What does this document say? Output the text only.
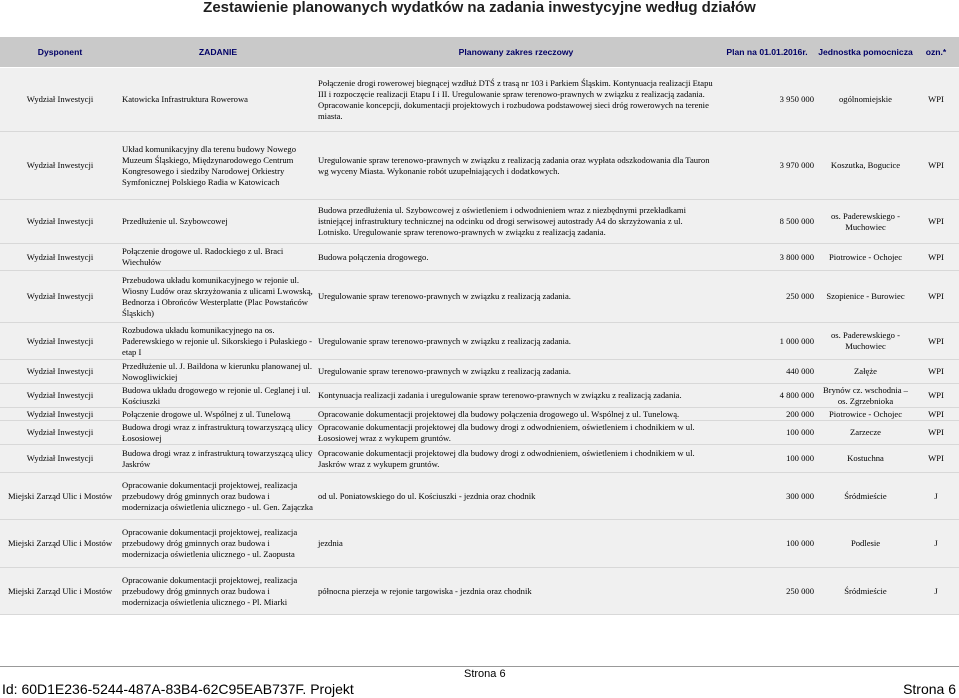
Zestawienie planowanych wydatków na zadania inwestycyjne według działów
Dysponent	ZADANIE	Planowany zakres rzeczowy	Plan na 01.01.2016r.	Jednostka pomocnicza	ozn.*
Wydział Inwestycji	Katowicka Infrastruktura Rowerowa	Połączenie drogi rowerowej biegnącej wzdłuż DTŚ z trasą nr 103 i Parkiem Śląskim. Kontynuacja realizacji Etapu III i rozpoczęcie realizacji Etapu I i II. Uregulowanie spraw terenowo-prawnych w związku z realizacją zadania. Opracowanie koncepcji, dokumentacji projektowych i rozbudowa podstawowej sieci dróg rowerowych na terenie miasta.	3 950 000	ogólnomiejskie	WPI
Wydział Inwestycji	Układ komunikacyjny dla terenu budowy Nowego Muzeum Śląskiego, Międzynarodowego Centrum Kongresowego i siedziby Narodowej Orkiestry Symfonicznej Polskiego Radia w Katowicach	Uregulowanie spraw terenowo-prawnych w związku z realizacją zadania oraz wypłata odszkodowania dla Tauron wg wyceny Miasta. Wykonanie robót uzupełniających i dodatkowych.	3 970 000	Koszutka, Bogucice	WPI
Wydział Inwestycji	Przedłużenie ul. Szybowcowej	Budowa przedłużenia ul. Szybowcowej z oświetleniem i odwodnieniem wraz z niezbędnymi przekładkami istniejącej infrastruktury technicznej na odcinku od drogi serwisowej autostrady A4 do skrzyżowania z ul. Lotnisko. Uregulowanie spraw terenowo-prawnych w związku z realizacją zadania.	8 500 000	os. Paderewskiego - Muchowiec	WPI
Wydział Inwestycji	Połączenie drogowe ul. Radockiego z ul. Braci Wiechułów	Budowa połączenia drogowego.	3 800 000	Piotrowice - Ochojec	WPI
Wydział Inwestycji	Przebudowa układu komunikacyjnego w rejonie ul. Wiosny Ludów oraz skrzyżowania z ulicami Lwowską, Bednorza i Obrońców Westerplatte (Plac Powstańców Śląskich)	Uregulowanie spraw terenowo-prawnych w związku z realizacją zadania.	250 000	Szopienice - Burowiec	WPI
Wydział Inwestycji	Rozbudowa układu komunikacyjnego na os. Paderewskiego w rejonie ul. Sikorskiego i Pułaskiego - etap I	Uregulowanie spraw terenowo-prawnych w związku z realizacją zadania.	1 000 000	os. Paderewskiego - Muchowiec	WPI
Wydział Inwestycji	Przedłużenie ul. J. Baildona w kierunku planowanej ul. Nowogliwickiej	Uregulowanie spraw terenowo-prawnych w związku z realizacją zadania.	440 000	Załęże	WPI
Wydział Inwestycji	Budowa układu drogowego w rejonie ul. Ceglanej i ul. Kościuszki	Kontynuacja realizacji zadania i uregulowanie spraw terenowo-prawnych w związku z realizacją zadania.	4 800 000	Brynów cz. wschodnia – os. Zgrzebnioka	WPI
Wydział Inwestycji	Połączenie drogowe ul. Wspólnej z ul. Tunelową	Opracowanie dokumentacji projektowej dla budowy połączenia drogowego ul. Wspólnej z ul. Tunelową.	200 000	Piotrowice - Ochojec	WPI
Wydział Inwestycji	Budowa drogi wraz z infrastrukturą towarzyszącą ulicy Łososiowej	Opracowanie dokumentacji projektowej dla budowy drogi z odwodnieniem, oświetleniem i chodnikiem w ul. Łososiowej wraz z wykupem gruntów.	100 000	Zarzecze	WPI
Wydział Inwestycji	Budowa drogi wraz z infrastrukturą towarzyszącą ulicy Jaskrów	Opracowanie dokumentacji projektowej dla budowy drogi z odwodnieniem, oświetleniem i chodnikiem w ul. Jaskrów wraz z wykupem gruntów.	100 000	Kostuchna	WPI
Miejski Zarząd Ulic i Mostów	Opracowanie dokumentacji projektowej, realizacja przebudowy dróg gminnych oraz budowa i modernizacja oświetlenia ulicznego - ul. Gen. Zajączka	od ul. Poniatowskiego do ul. Kościuszki - jezdnia oraz chodnik	300 000	Śródmieście	J
Miejski Zarząd Ulic i Mostów	Opracowanie dokumentacji projektowej, realizacja przebudowy dróg gminnych oraz budowa i modernizacja oświetlenia ulicznego - ul. Zaopusta	jezdnia	100 000	Podlesie	J
Miejski Zarząd Ulic i Mostów	Opracowanie dokumentacji projektowej, realizacja przebudowy dróg gminnych oraz budowa i modernizacja oświetlenia ulicznego - Pl. Miarki	północna pierzeja w rejonie targowiska - jezdnia oraz chodnik	250 000	Śródmieście	J
Strona 6
Id: 60D1E236-5244-487A-83B4-62C95EAB737F. Projekt	Strona 6
